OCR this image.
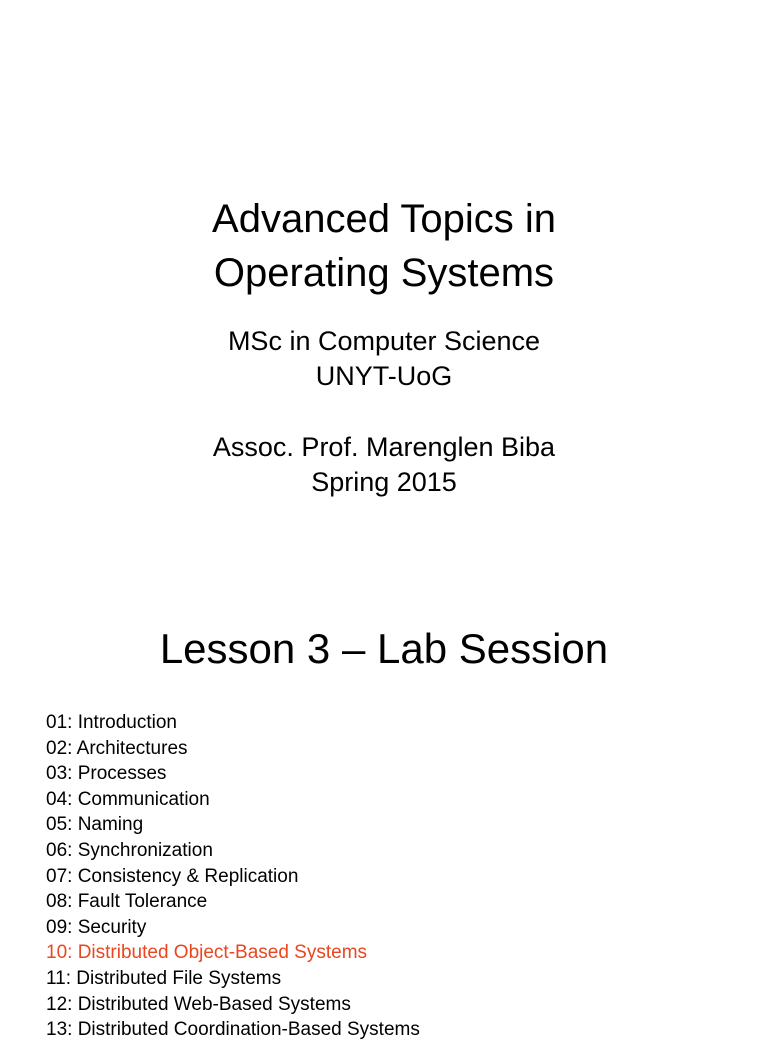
Advanced Topics in
Operating Systems
MSc in Computer Science
UNYT-UoG
Assoc. Prof. Marenglen Biba
Spring 2015
Lesson 3 – Lab Session
01: Introduction
02: Architectures
03: Processes
04: Communication
05: Naming
06: Synchronization
07: Consistency & Replication
08: Fault Tolerance
09: Security
10: Distributed Object-Based Systems
11: Distributed File Systems
12: Distributed Web-Based Systems
13: Distributed Coordination-Based Systems
